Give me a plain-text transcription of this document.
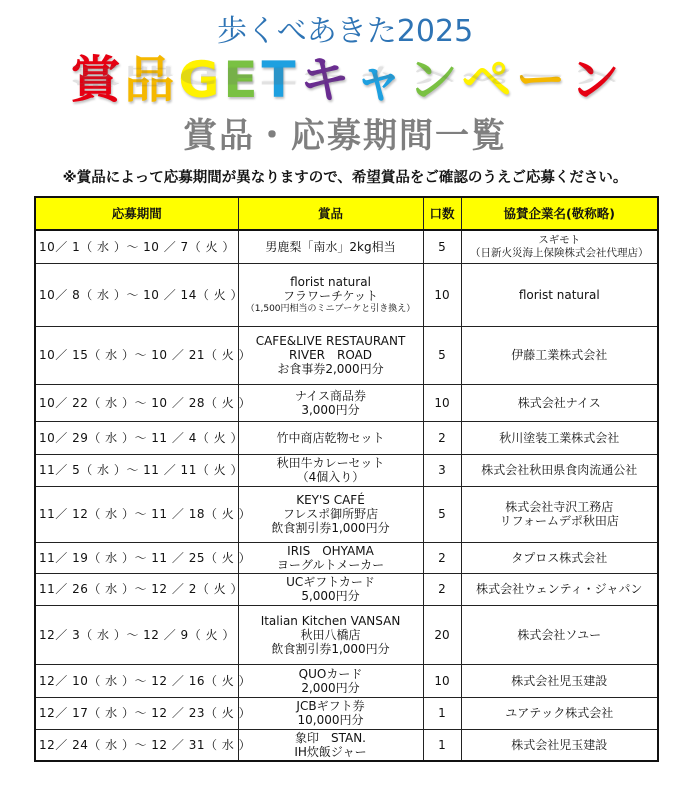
歩くべあきた2025
賞 賞 品 品 G G E E T T キ キ ャ ャ ン ン ペ ペ ー ー ン ン
賞品・応募期間一覧
※賞品によって応募期間が異なりますので、希望賞品をご確認のうえご応募ください。
応募期間	賞品	口数	協賛企業名(敬称略)
10／ 1（ 水 ）～ 10 ／ 7（ 火 ）	男鹿梨「南水」2kg相当	5	スギモト
（日新火災海上保険株式会社代理店）

10／ 8（ 水 ）～ 10 ／ 14（ 火 ）	florist natural
フラワーチケット
（1,500円相当のミニブーケと引き換え）	10	florist natural

10／ 15（ 水 ）～ 10 ／ 21（ 火 ）	CAFE&LIVE RESTAURANT
RIVER　ROAD
お食事券2,000円分	5	伊藤工業株式会社

10／ 22（ 水 ）～ 10 ／ 28（ 火 ）	ナイス商品券
3,000円分	10	株式会社ナイス

10／ 29（ 水 ）～ 11 ／ 4（ 火 ）	竹中商店乾物セット	2	秋川塗装工業株式会社

11／ 5（ 水 ）～ 11 ／ 11（ 火 ）	秋田牛カレーセット
（4個入り）	3	株式会社秋田県食肉流通公社

11／ 12（ 水 ）～ 11 ／ 18（ 火 ）	
KEY'S CAFÉ
フレスポ御所野店
飲食割引券1,000円分
	5	株式会社寺沢工務店
リフォームデポ秋田店

11／ 19（ 水 ）～ 11 ／ 25（ 火 ）	IRIS　OHYAMA
ヨーグルトメーカー	2	タプロス株式会社

11／ 26（ 水 ）～ 12 ／ 2（ 火 ）	UCギフトカード
5,000円分	2	株式会社ウェンティ・ジャパン

12／ 3（ 水 ）～ 12 ／ 9（ 火 ）	Italian Kitchen VANSAN
秋田八橋店
飲食割引券1,000円分	20	株式会社ソユー

12／ 10（ 水 ）～ 12 ／ 16（ 火 ）	QUOカード
2,000円分	10	株式会社児玉建設

12／ 17（ 水 ）～ 12 ／ 23（ 火 ）	JCBギフト券
10,000円分	1	ユアテック株式会社

12／ 24（ 水 ）～ 12 ／ 31（ 水 ）	象印　STAN.
IH炊飯ジャー	1	株式会社児玉建設
